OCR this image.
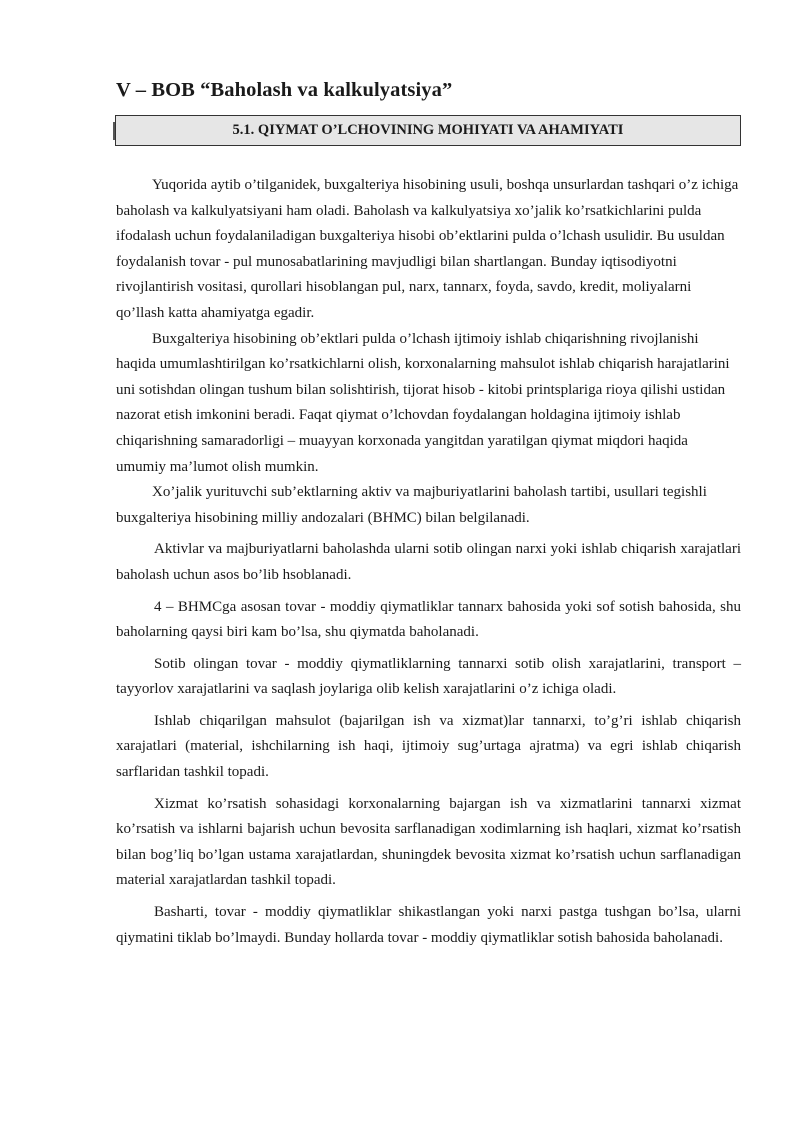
V – BOB “Baholash va kalkulyatsiya”
5.1. QIYMAT O’LCHOVINING MOHIYATI VA AHAMIYATI

Yuqorida aytib o’tilganidek, buxgalteriya hisobining usuli, boshqa unsurlardan tashqari o’z ichiga baholash va kalkulyatsiyani ham oladi. Baholash va kalkulyatsiya xo’jalik ko’rsatkichlarini pulda ifodalash uchun foydalaniladigan buxgalteriya hisobi ob’ektlarini pulda o’lchash usulidir. Bu usuldan foydalanish tovar - pul munosabatlarining mavjudligi bilan shartlangan. Bunday iqtisodiyotni rivojlantirish vositasi, qurollari hisoblangan pul, narx, tannarx, foyda, savdo, kredit, moliyalarni qo’llash katta ahamiyatga egadir.

Buxgalteriya hisobining ob’ektlari pulda o’lchash ijtimoiy ishlab chiqarishning rivojlanishi haqida umumlashtirilgan ko’rsatkichlarni olish, korxonalarning mahsulot ishlab chiqarish harajatlarini uni sotishdan olingan tushum bilan solishtirish, tijorat hisob - kitobi printsplariga rioya qilishi ustidan nazorat etish imkonini beradi. Faqat qiymat o’lchovdan foydalangan holdagina ijtimoiy ishlab chiqarishning samaradorligi – muayyan korxonada yangitdan yaratilgan qiymat miqdori haqida umumiy ma’lumot olish mumkin.

Xo’jalik yurituvchi sub’ektlarning aktiv va majburiyatlarini baholash tartibi, usullari tegishli buxgalteriya hisobining milliy andozalari (BHMC) bilan belgilanadi.

Aktivlar va majburiyatlarni baholashda ularni sotib olingan narxi yoki ishlab chiqarish xarajatlari baholash uchun asos bo’lib hsoblanadi.

4 – BHMCga asosan tovar - moddiy qiymatliklar tannarx bahosida yoki sof sotish bahosida, shu baholarning qaysi biri kam bo’lsa, shu qiymatda baholanadi.

Sotib olingan tovar - moddiy qiymatliklarning tannarxi sotib olish xarajatlarini, transport – tayyorlov xarajatlarini va saqlash joylariga olib kelish xarajatlarini o’z ichiga oladi.

Ishlab chiqarilgan mahsulot (bajarilgan ish va xizmat)lar tannarxi, to’g’ri ishlab chiqarish xarajatlari (material, ishchilarning ish haqi, ijtimoiy sug’urtaga ajratma) va egri ishlab chiqarish sarflaridan tashkil topadi.

Xizmat ko’rsatish sohasidagi korxonalarning bajargan ish va xizmatlarini tannarxi xizmat ko’rsatish va ishlarni bajarish uchun bevosita sarflanadigan xodimlarning ish haqlari, xizmat ko’rsatish bilan bog’liq bo’lgan ustama xarajatlardan, shuningdek bevosita xizmat ko’rsatish uchun sarflanadigan material xarajatlardan tashkil topadi.

Basharti, tovar - moddiy qiymatliklar shikastlangan yoki narxi pastga tushgan bo’lsa, ularni qiymatini tiklab bo’lmaydi. Bunday hollarda tovar - moddiy qiymatliklar sotish bahosida baholanadi.
